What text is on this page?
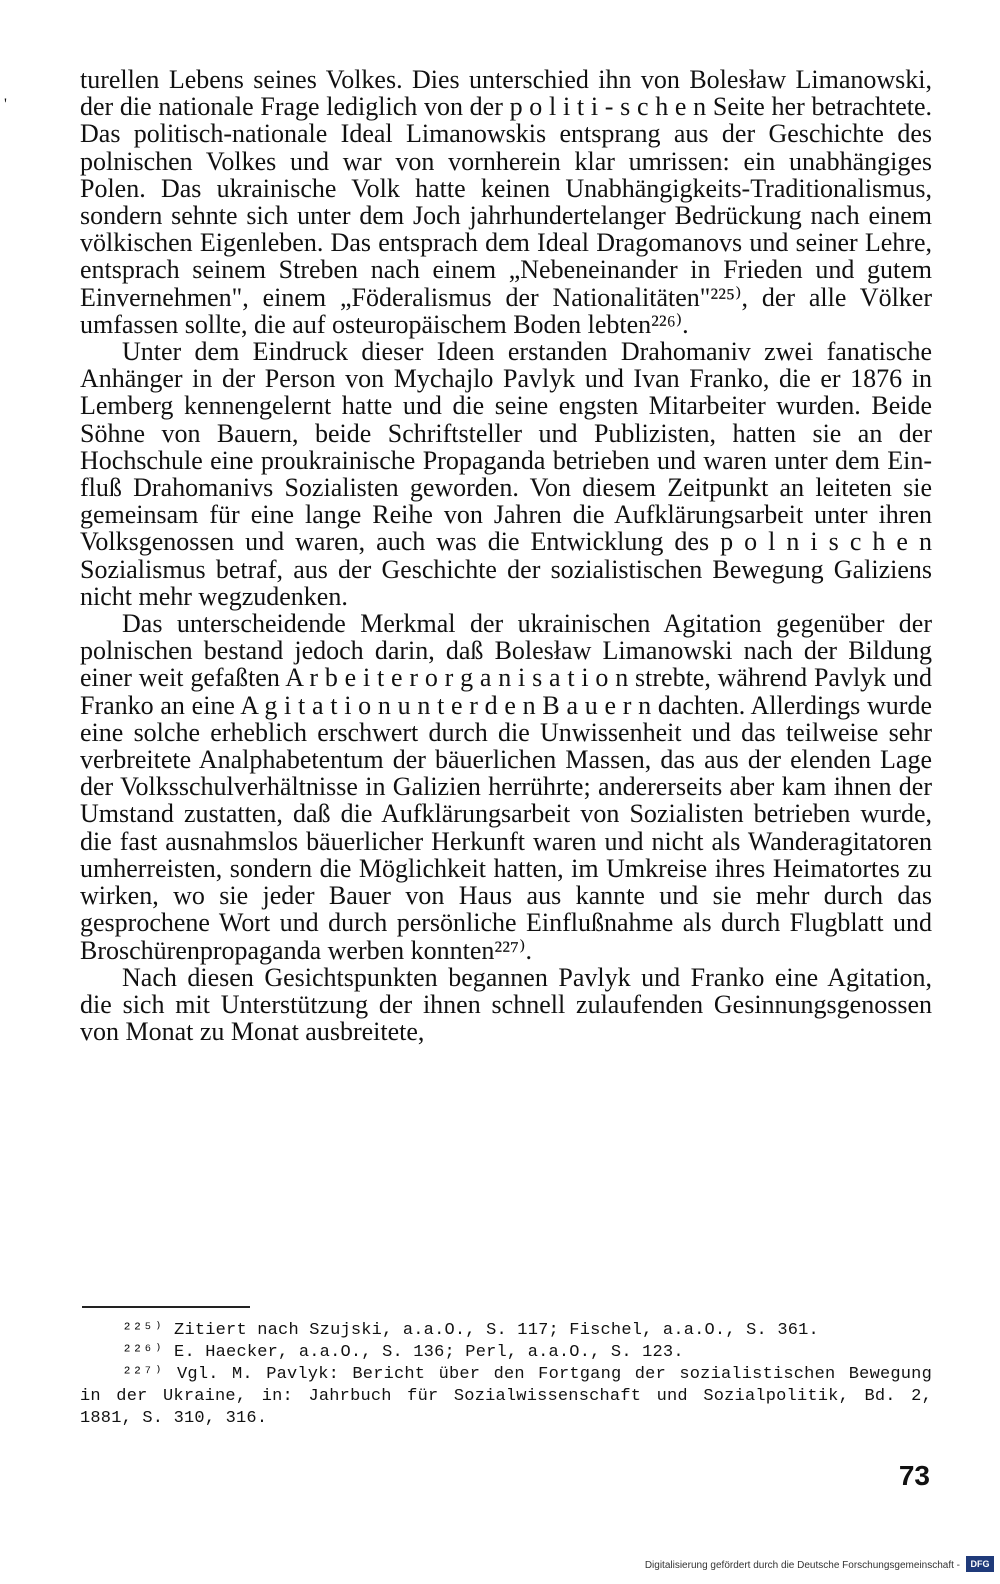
'

turellen Lebens seines Volkes. Dies unterschied ihn von Bolesław Limanowski, der die nationale Frage lediglich von der p o l i t i - s c h e n Seite her betrachtete. Das politisch-nationale Ideal Limanowskis entsprang aus der Geschichte des polnischen Volkes und war von vornherein klar umrissen: ein unabhängiges Polen. Das ukrainische Volk hatte keinen Unabhängigkeits-Traditionalismus, sondern sehnte sich unter dem Joch jahrhundertelanger Bedrückung nach einem völkischen Eigenleben. Das entsprach dem Ideal Dragomanovs und seiner Lehre, entsprach seinem Streben nach einem „Nebeneinander in Frieden und gutem Einvernehmen", einem „Föderalismus der Nationalitäten"²²⁵⁾, der alle Völker umfassen sollte, die auf osteuropäischem Boden lebten²²⁶⁾.

Unter dem Eindruck dieser Ideen erstanden Drahomaniv zwei fanatische Anhänger in der Person von Mychajlo Pavlyk und Ivan Franko, die er 1876 in Lemberg kennengelernt hatte und die seine engsten Mitarbeiter wurden. Beide Söhne von Bauern, beide Schriftsteller und Publizisten, hatten sie an der Hochschule eine proukrainische Propaganda betrieben und waren unter dem Einfluß Drahomanivs Sozialisten geworden. Von diesem Zeitpunkt an leiteten sie gemeinsam für eine lange Reihe von Jahren die Aufklärungsarbeit unter ihren Volksgenossen und waren, auch was die Entwicklung des p o l n i s c h e n Sozialismus betraf, aus der Geschichte der sozialistischen Bewegung Galiziens nicht mehr wegzudenken.

Das unterscheidende Merkmal der ukrainischen Agitation gegenüber der polnischen bestand jedoch darin, daß Bolesław Limanowski nach der Bildung einer weit gefaßten A r b e i t e r o r g a n i s a t i o n strebte, während Pavlyk und Franko an eine A g i t a t i o n u n t e r d e n B a u e r n dachten. Allerdings wurde eine solche erheblich erschwert durch die Unwissenheit und das teilweise sehr verbreitete Analphabetentum der bäuerlichen Massen, das aus der elenden Lage der Volksschulverhältnisse in Galizien herrührte; andererseits aber kam ihnen der Umstand zustatten, daß die Aufklärungsarbeit von Sozialisten betrieben wurde, die fast ausnahmslos bäuerlicher Herkunft waren und nicht als Wanderagitatoren umherreisten, sondern die Möglichkeit hatten, im Umkreise ihres Heimatortes zu wirken, wo sie jeder Bauer von Haus aus kannte und sie mehr durch das gesprochene Wort und durch persönliche Einflußnahme als durch Flugblatt und Broschürenpropaganda werben konnten²²⁷⁾.

Nach diesen Gesichtspunkten begannen Pavlyk und Franko eine Agitation, die sich mit Unterstützung der ihnen schnell zulaufenden Gesinnungsgenossen von Monat zu Monat ausbreitete,

²²⁵⁾ Zitiert nach Szujski, a.a.O., S. 117; Fischel, a.a.O., S. 361.

²²⁶⁾ E. Haecker, a.a.O., S. 136; Perl, a.a.O., S. 123.

²²⁷⁾ Vgl. M. Pavlyk: Bericht über den Fortgang der sozialistischen Bewegung in der Ukraine, in: Jahrbuch für Sozialwissenschaft und Sozialpolitik, Bd. 2, 1881, S. 310, 316.

73
Digitalisierung gefördert durch die Deutsche Forschungsgemeinschaft -	DFG
